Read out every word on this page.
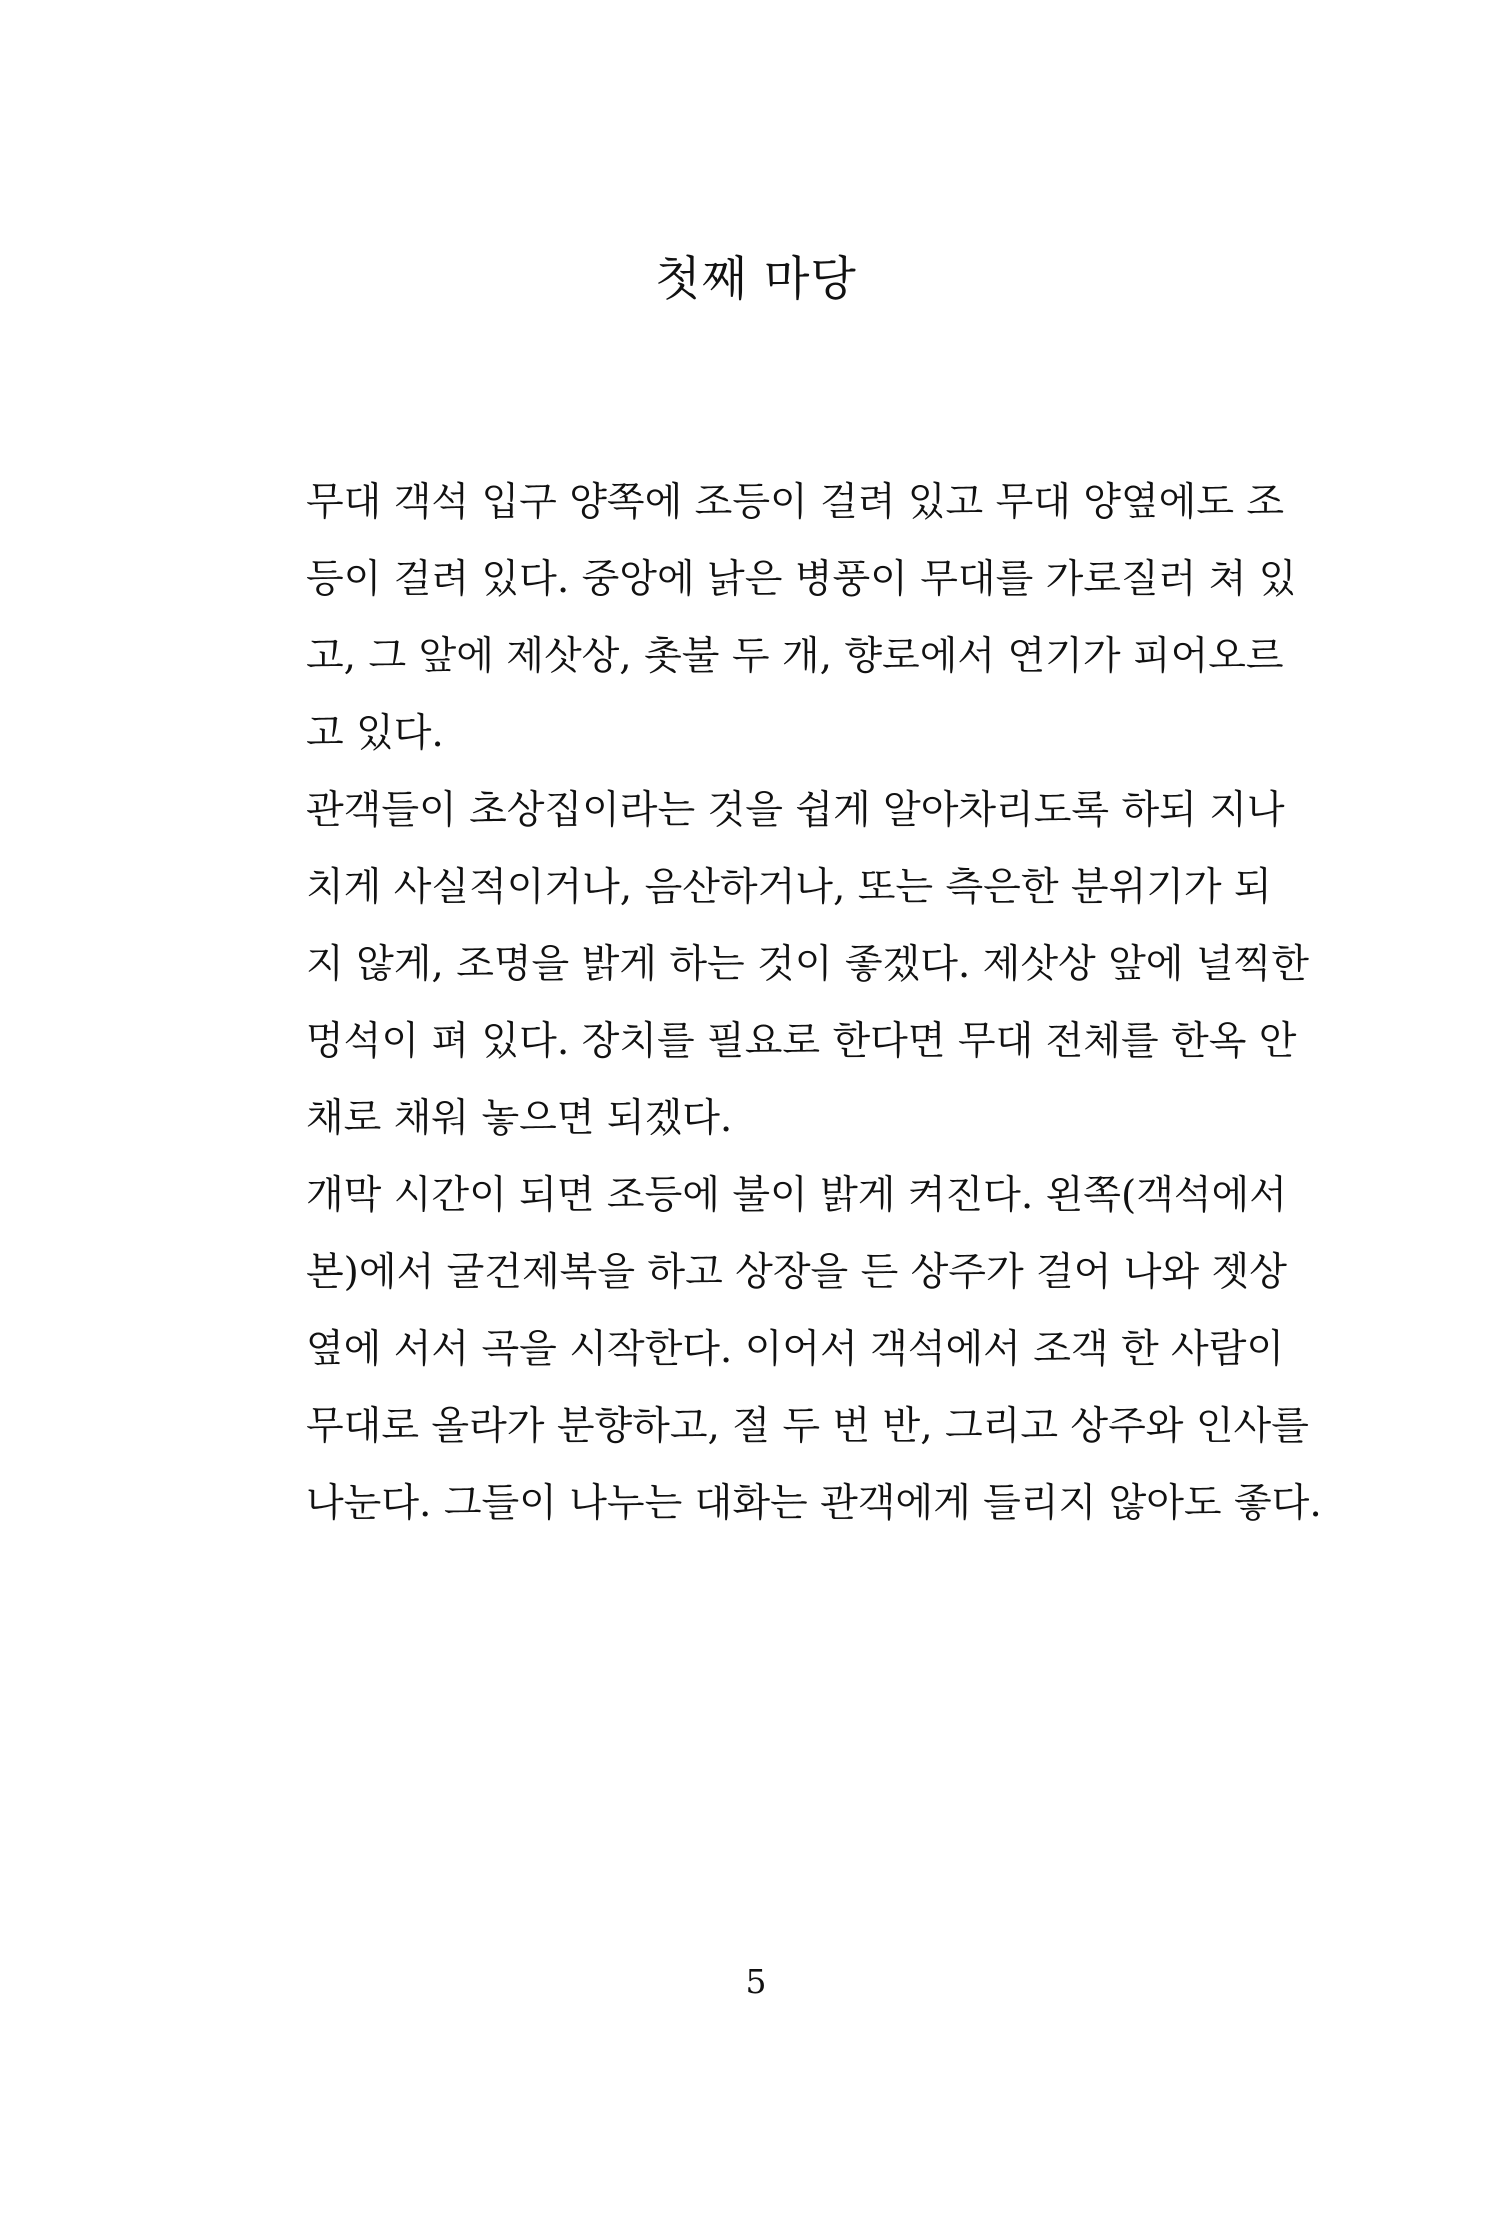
첫째 마당
무대 객석 입구 양쪽에 조등이 걸려 있고 무대 양옆에도 조
등이 걸려 있다. 중앙에 낡은 병풍이 무대를 가로질러 쳐 있
고, 그 앞에 제삿상, 촛불 두 개, 향로에서 연기가 피어오르
고 있다.
관객들이 초상집이라는 것을 쉽게 알아차리도록 하되 지나
치게 사실적이거나, 음산하거나, 또는 측은한 분위기가 되
지 않게, 조명을 밝게 하는 것이 좋겠다. 제삿상 앞에 널찍한
멍석이 펴 있다. 장치를 필요로 한다면 무대 전체를 한옥 안
채로 채워 놓으면 되겠다.
개막 시간이 되면 조등에 불이 밝게 켜진다. 왼쪽(객석에서
본)에서 굴건제복을 하고 상장을 든 상주가 걸어 나와 젯상
옆에 서서 곡을 시작한다. 이어서 객석에서 조객 한 사람이
무대로 올라가 분향하고, 절 두 번 반, 그리고 상주와 인사를
나눈다. 그들이 나누는 대화는 관객에게 들리지 않아도 좋다.
5
